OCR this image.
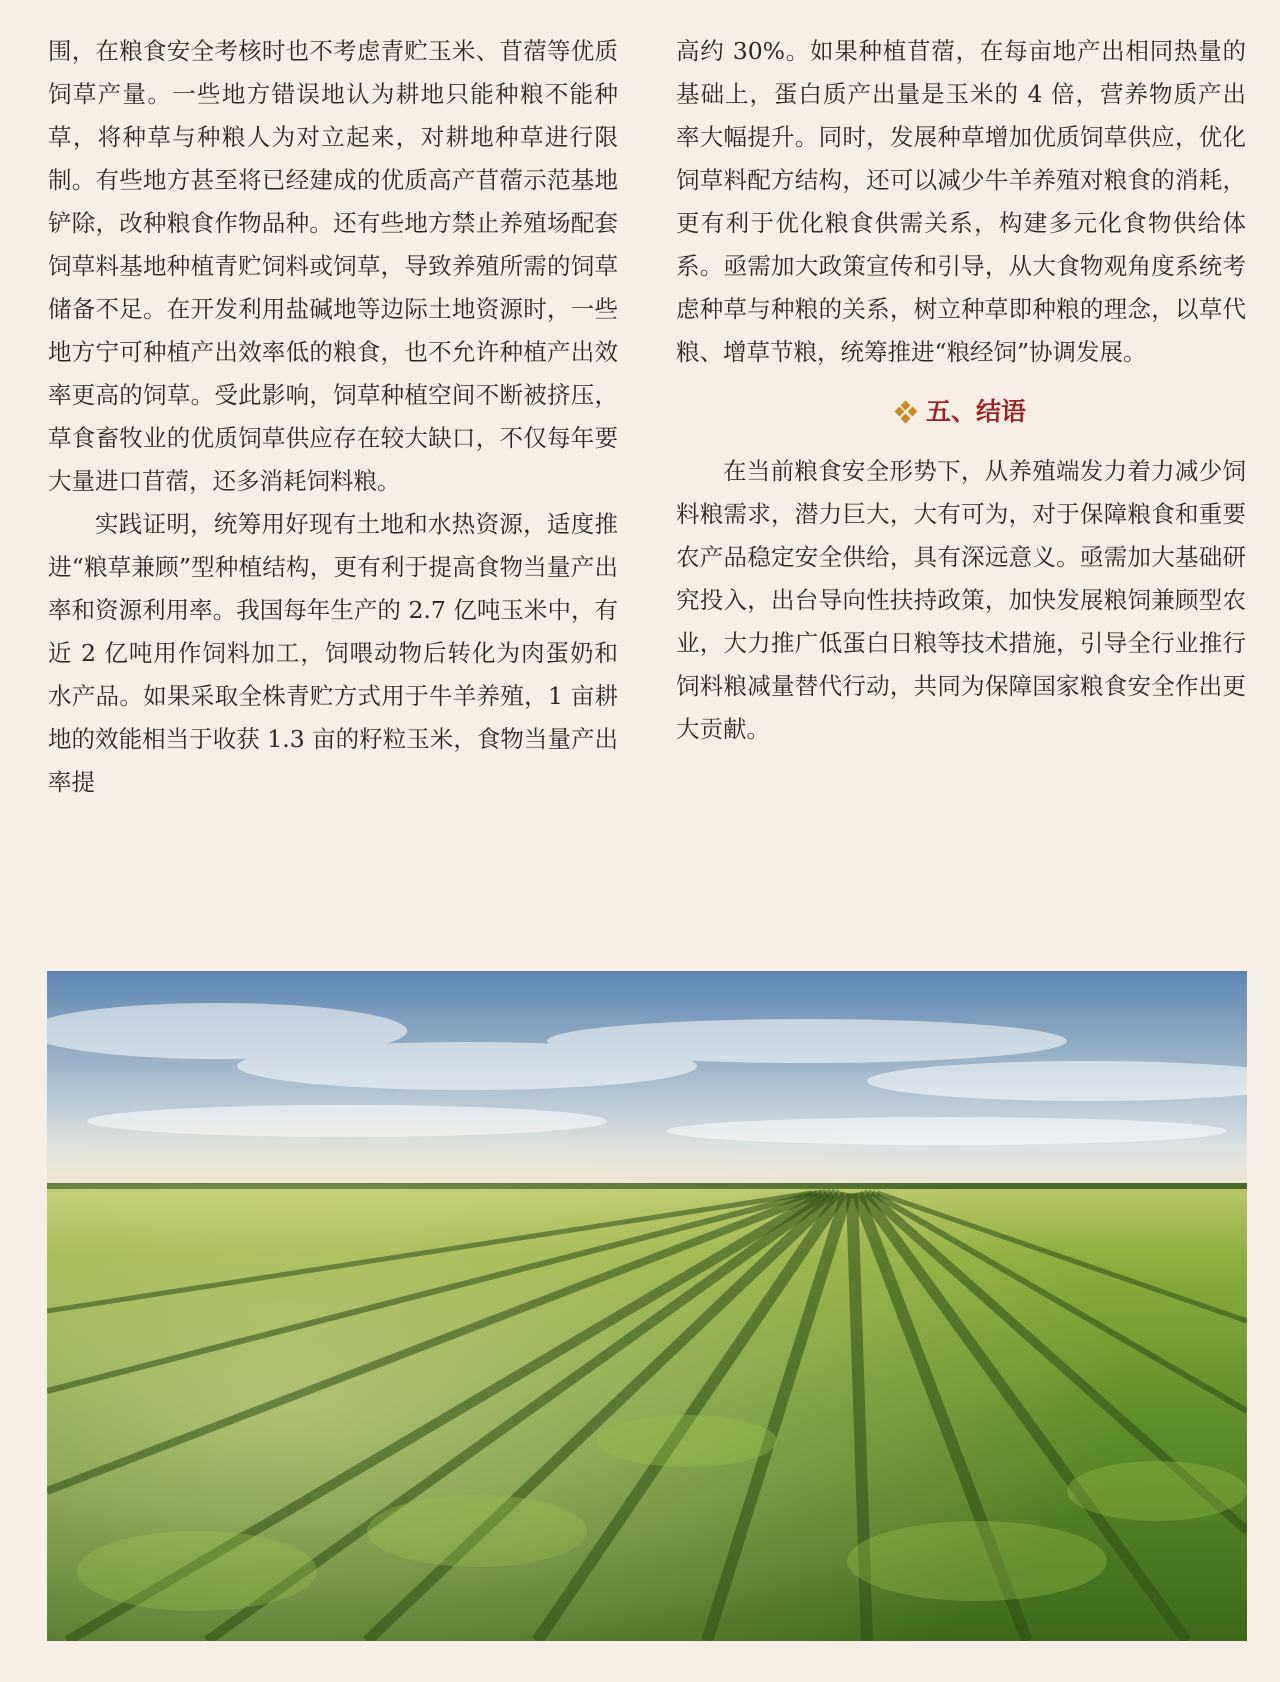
围，在粮食安全考核时也不考虑青贮玉米、苜蓿等优质饲草产量。一些地方错误地认为耕地只能种粮不能种草，将种草与种粮人为对立起来，对耕地种草进行限制。有些地方甚至将已经建成的优质高产苜蓿示范基地铲除，改种粮食作物品种。还有些地方禁止养殖场配套饲草料基地种植青贮饲料或饲草，导致养殖所需的饲草储备不足。在开发利用盐碱地等边际土地资源时，一些地方宁可种植产出效率低的粮食，也不允许种植产出效率更高的饲草。受此影响，饲草种植空间不断被挤压，草食畜牧业的优质饲草供应存在较大缺口，不仅每年要大量进口苜蓿，还多消耗饲料粮。

实践证明，统筹用好现有土地和水热资源，适度推进“粮草兼顾”型种植结构，更有利于提高食物当量产出率和资源利用率。我国每年生产的 2.7 亿吨玉米中，有近 2 亿吨用作饲料加工，饲喂动物后转化为肉蛋奶和水产品。如果采取全株青贮方式用于牛羊养殖，1 亩耕地的效能相当于收获 1.3 亩的籽粒玉米，食物当量产出率提

高约 30%。如果种植苜蓿，在每亩地产出相同热量的基础上，蛋白质产出量是玉米的 4 倍，营养物质产出率大幅提升。同时，发展种草增加优质饲草供应，优化饲草料配方结构，还可以减少牛羊养殖对粮食的消耗，更有利于优化粮食供需关系，构建多元化食物供给体系。亟需加大政策宣传和引导，从大食物观角度系统考虑种草与种粮的关系，树立种草即种粮的理念，以草代粮、增草节粮，统筹推进“粮经饲”协调发展。

五、结语

在当前粮食安全形势下，从养殖端发力着力减少饲料粮需求，潜力巨大，大有可为，对于保障粮食和重要农产品稳定安全供给，具有深远意义。亟需加大基础研究投入，出台导向性扶持政策，加快发展粮饲兼顾型农业，大力推广低蛋白日粮等技术措施，引导全行业推行饲料粮减量替代行动，共同为保障国家粮食安全作出更大贡献。
